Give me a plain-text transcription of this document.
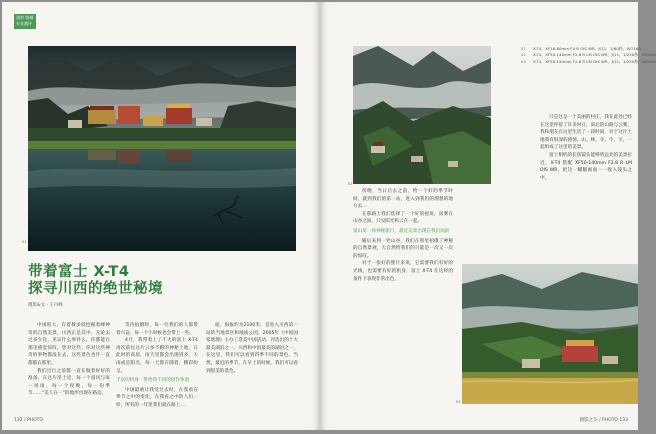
器材 器械
专业测评
01
带着富士 X-T4
探寻川西的绝世秘境
摄影&文 · 王丹峰

中国很大，有着数多低挖掘着峰神奇的自然美景，川西正是其中，无论去过多少次，见证什么事件么，你都能在那里感觉惊叹。您对这些，你对这些神奇的事物都没在去，这些景色也许一直都都在那里。

我们出行之前都一直在做着好好的准备，在这片净土里，每一个晨风与每一场雨，每一个夜晚，每一份季节……“美人在一”的地形出现在路边。

等待拍摄时，每一位我们的人都带着兴奋，每一个小时候也会带上一些。

4月，我带着上了不大的富士 X-T4再次前往这片云多不羁的神秘土地，在此时的高原，雨天里都会出现到多，大雨或是阳光，每一天都在随着，精彩纷呈。

丰富的机身 · 带给我不同的创作体验

中国最重让我受过去时，在我看在季节之中的变化，在我看之中的人们一样，所有的一年里我们就在路上…

面，海拔约为2100米，是进入川西第一站的当地景区和地质公园，2005年《中国国家地理》主办了选美中国活动，评选出的十大最美湖泊之一。川西和中国最美的湖泊之一，在这里，我们可以看到四季不同的景色，当然，最近的季节，在早上的时候，我们可以看到很美的景色。

132 / PHOTO
02
01 X-T4，XF16-80mm F4 R OIS WR，ƒ/11，1/60秒，ISO160
02 X-T4，XF50-140mm F2.8 R LM OIS WR，ƒ/11，1/250秒，ISO160
03 X-T4，XF50-140mm F2.8 R LM OIS WR，ƒ/11，1/250秒，ISO160

傍晚，当日后去之前，给一个好的季节时间，就到我们的第一站，进入到我们的理想的地方去…

在那路上我们选择了一个好的视角，雨雾在山谷之间，只见阳光和云在一起。

蒙山第一场神秘旅行，最近美景出现在我们面前

随后来到一处山谷，我们在那里拍摄了神秘的自然景观，大自然给我们的只能是一次又一次的惊叹。

对于一张好的照片来说，它需要我们有好的光线，也需要有好的机身，富士 X-T4 在这样的条件下表现非常出色。

只是这是一个美丽的村庄，我在此处已经在这里停留了许多时日，雨后的山路与云雾，我和朋友在这里生活了一段时间，对于这片土地我有很深的感情。山、林、寺、牛、羊，一起组成了这里的美景。

富士相机的长焦镜头能够将远处的美景拉近，X-T4 搭配 XF50-140mm F2.8 R LM OIS WR，把这一幅幅画面一一收入镜头之中。

03
摄影之友 / PHOTO 133
